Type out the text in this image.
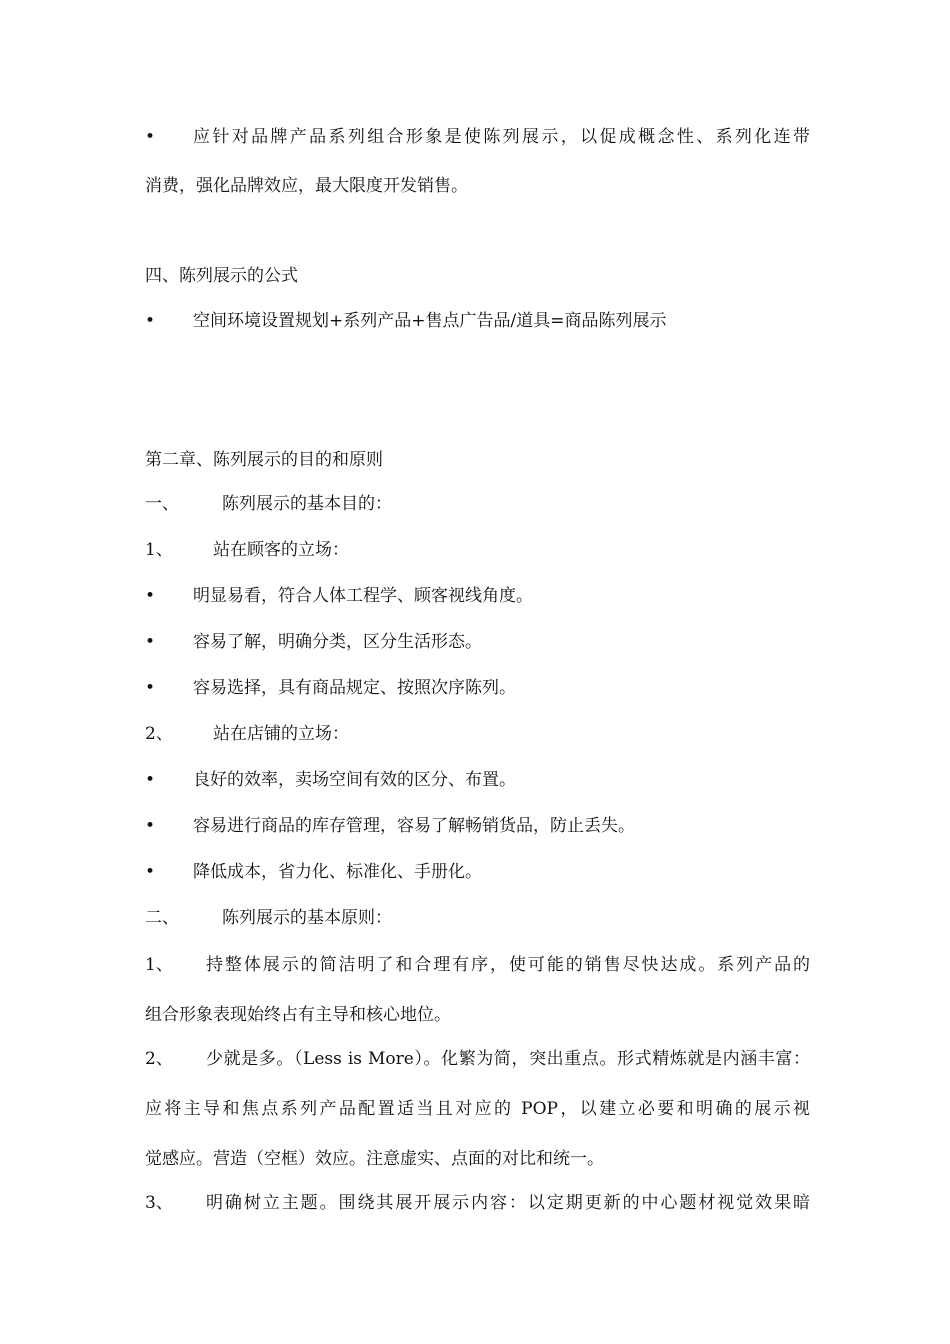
• 应针对品牌产品系列组合形象是使陈列展示，以促成概念性、系列化连带
消费，强化品牌效应，最大限度开发销售。
四、陈列展示的公式
• 空间环境设置规划+系列产品+售点广告品/道具=商品陈列展示
第二章、陈列展示的目的和原则
一、	陈列展示的基本目的：
1、 站在顾客的立场：
• 明显易看，符合人体工程学、顾客视线角度。
• 容易了解，明确分类，区分生活形态。
• 容易选择，具有商品规定、按照次序陈列。
2、 站在店铺的立场：
• 良好的效率，卖场空间有效的区分、布置。
• 容易进行商品的库存管理，容易了解畅销货品，防止丢失。
• 降低成本，省力化、标准化、手册化。
二、	陈列展示的基本原则：
1、 持整体展示的简洁明了和合理有序，使可能的销售尽快达成。系列产品的
组合形象表现始终占有主导和核心地位。
2、 少就是多。（Less is More）。化繁为简，突出重点。形式精炼就是内涵丰富：
应将主导和焦点系列产品配置适当且对应的 POP，以建立必要和明确的展示视
觉感应。营造（空框）效应。注意虚实、点面的对比和统一。
3、 明确树立主题。围绕其展开展示内容：以定期更新的中心题材视觉效果暗
